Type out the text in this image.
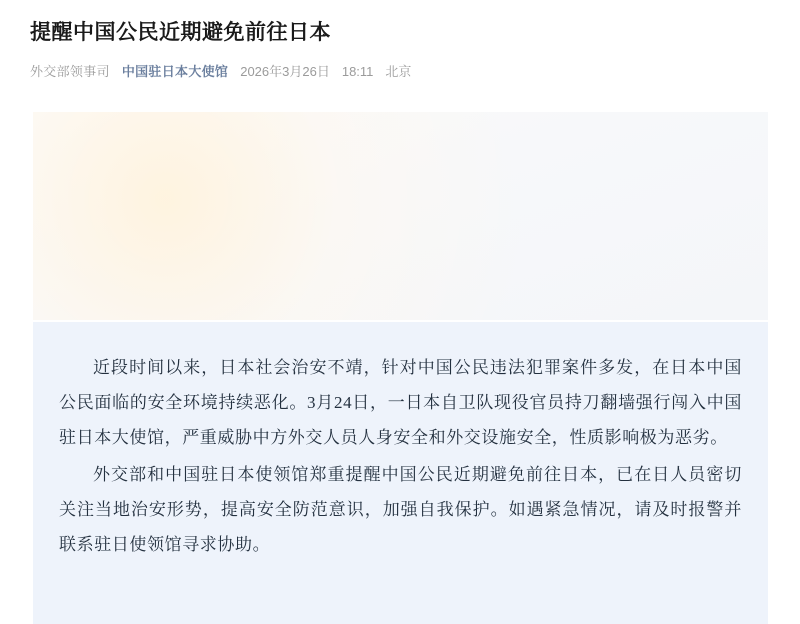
提醒中国公民近期避免前往日本
外交部领事司 中国驻日本大使馆 2026年3月26日 18:11 北京

近段时间以来，日本社会治安不靖，针对中国公民违法犯罪案件多发，在日本中国公民面临的安全环境持续恶化。3月24日，一日本自卫队现役官员持刀翻墙强行闯入中国驻日本大使馆，严重威胁中方外交人员人身安全和外交设施安全，性质影响极为恶劣。

外交部和中国驻日本使领馆郑重提醒中国公民近期避免前往日本，已在日人员密切关注当地治安形势，提高安全防范意识，加强自我保护。如遇紧急情况，请及时报警并联系驻日使领馆寻求协助。
